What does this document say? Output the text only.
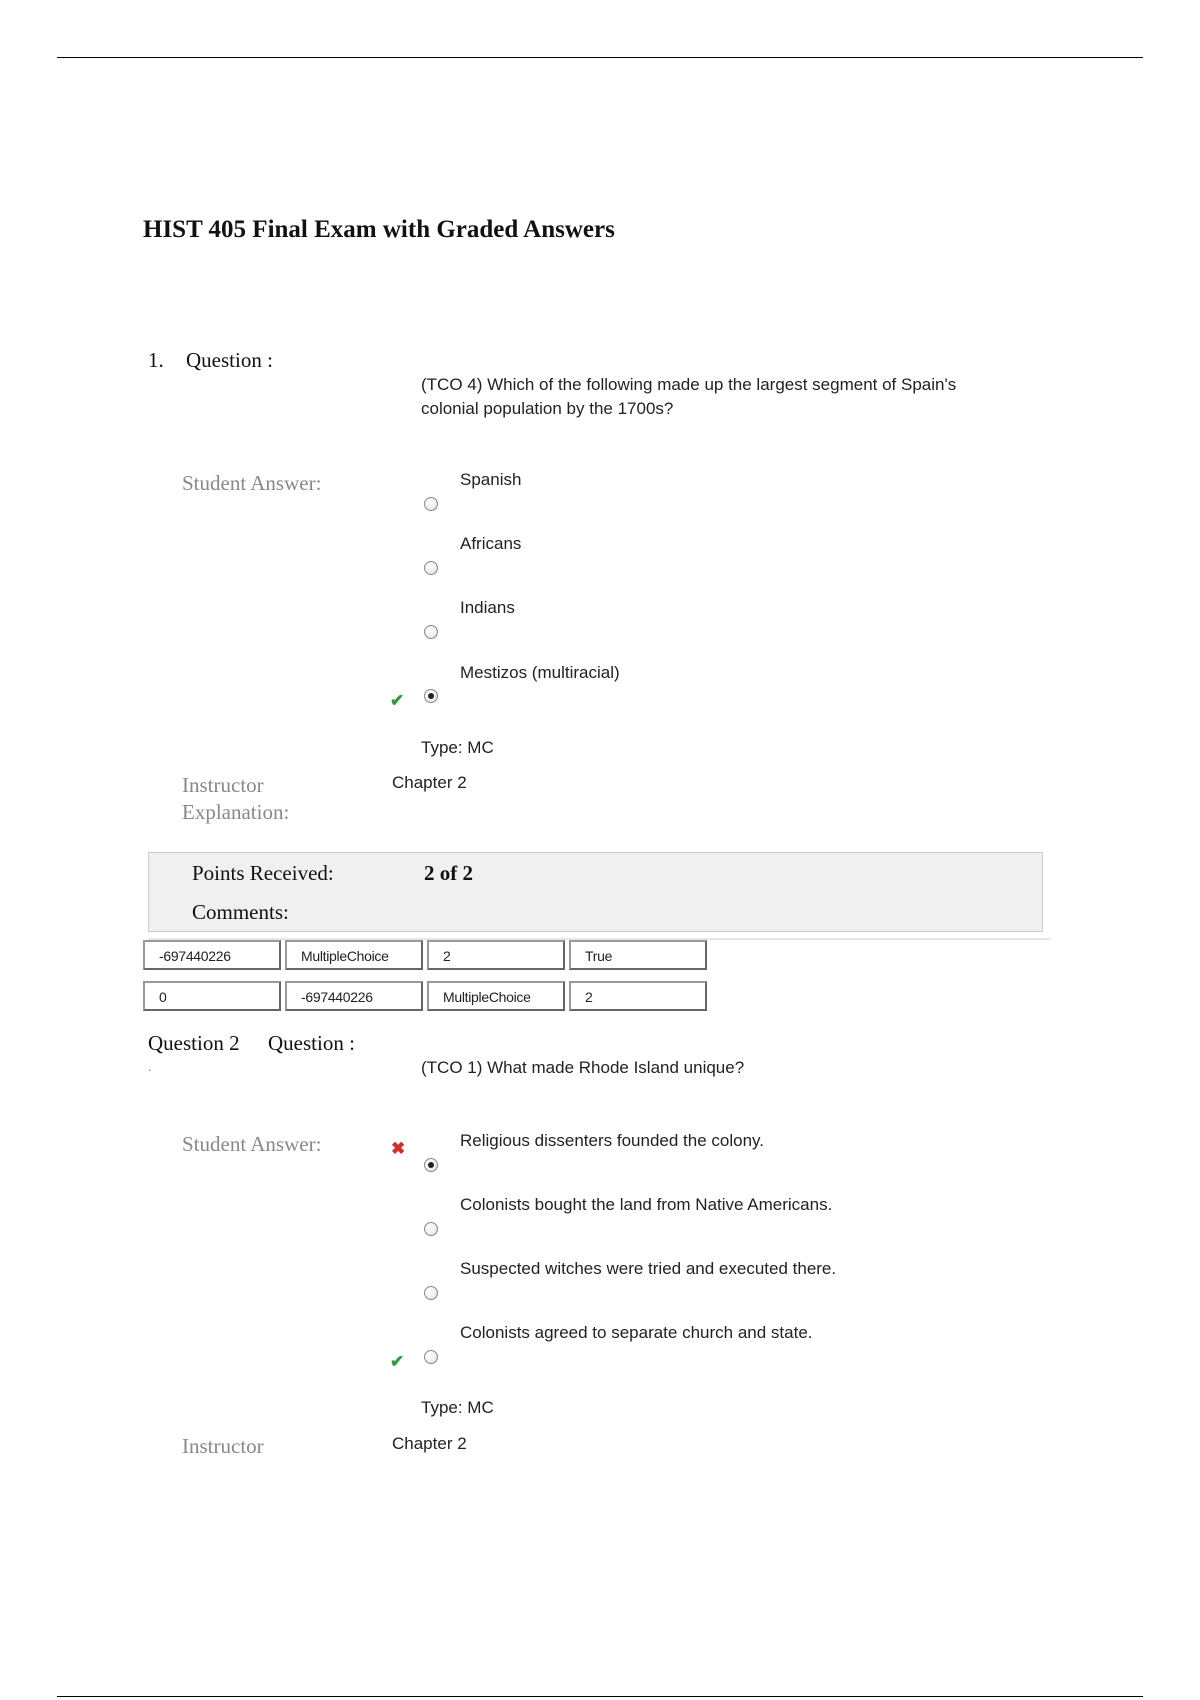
HIST 405 Final Exam with Graded Answers
1. Question :
(TCO 4) Which of the following made up the largest segment of Spain's
colonial population by the 1700s?
Student Answer:	Spanish
Africans
Indians
Mestizos (multiracial)
✔
Type: MC
Instructor
Explanation:
Chapter 2
Points Received:	2 of 2
Comments:
-697440226	MultipleChoice	2	True
0	-697440226	MultipleChoice	2
Question 2 Question :
.	(TCO 1) What made Rhode Island unique?
Student Answer:	Religious dissenters founded the colony.
✖
Colonists bought the land from Native Americans.
Suspected witches were tried and executed there.
Colonists agreed to separate church and state.
✔
Type: MC
Instructor	Chapter 2
